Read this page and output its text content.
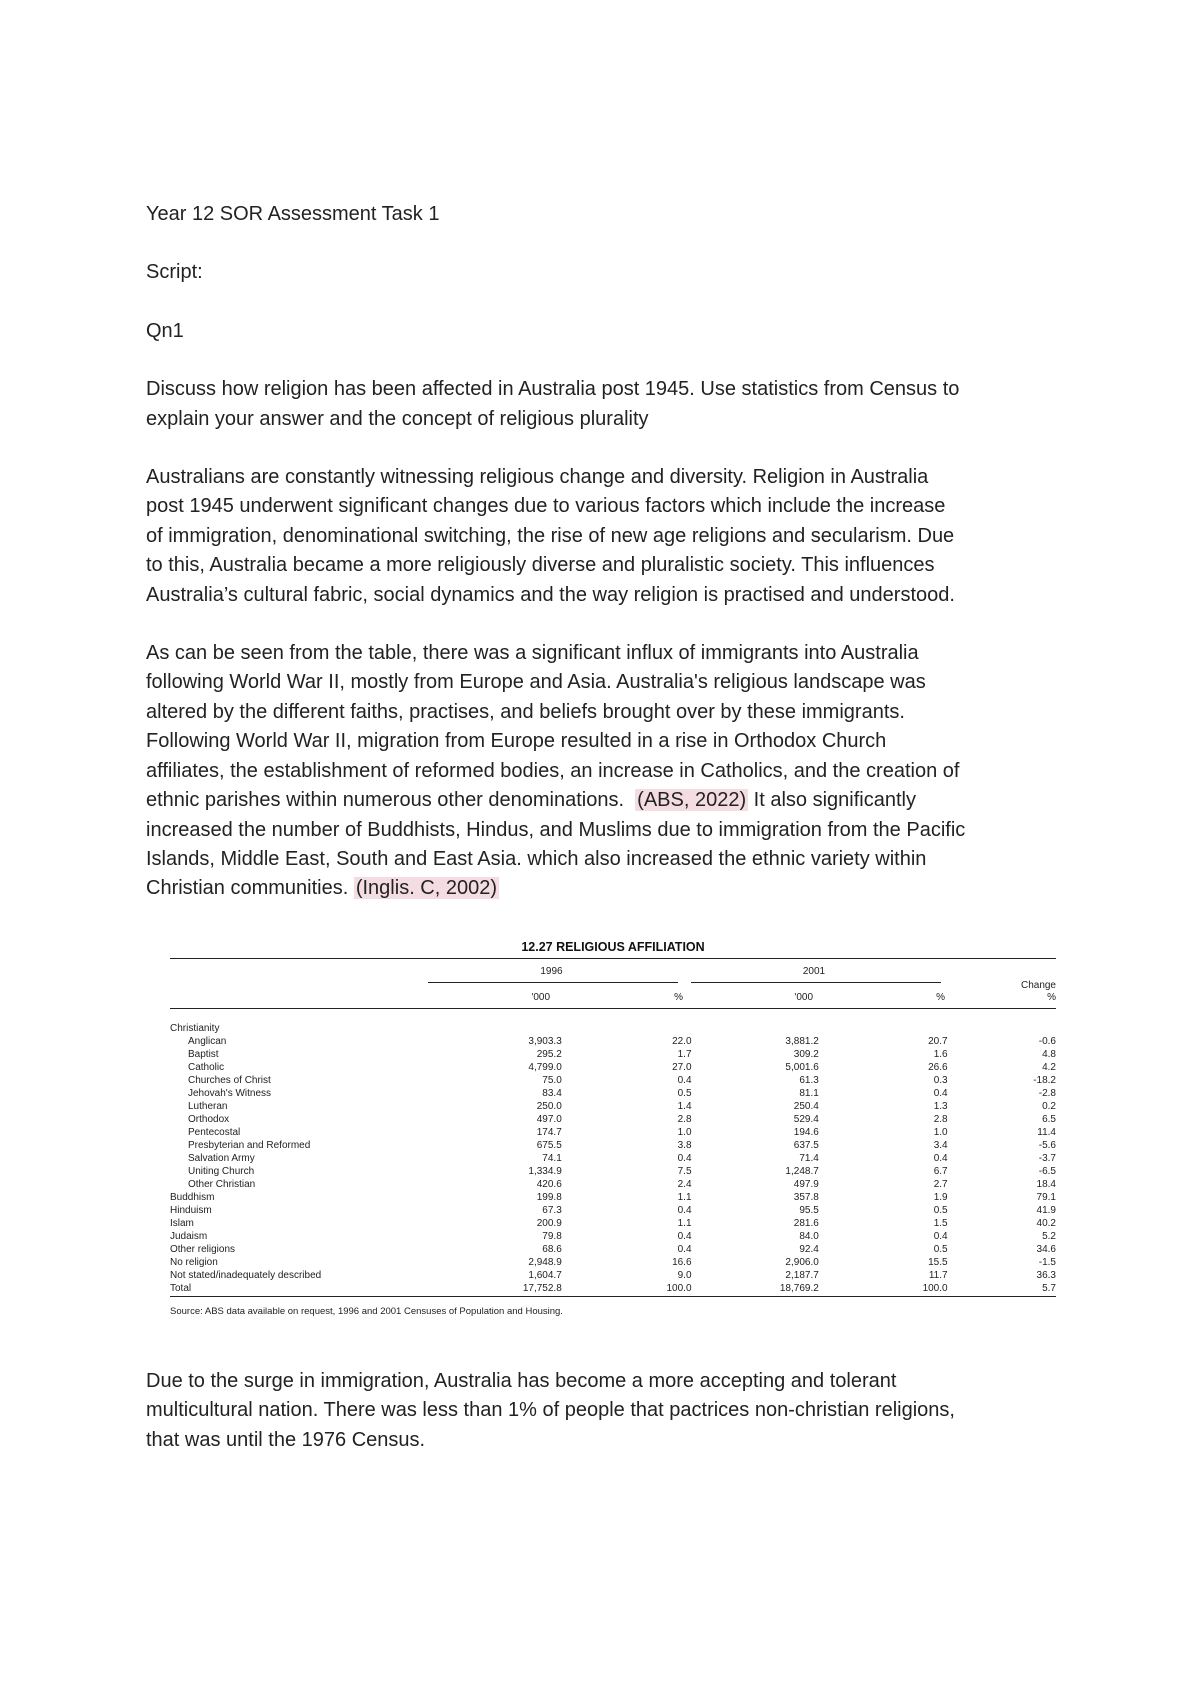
Year 12 SOR Assessment Task 1

Script:

Qn1

Discuss how religion has been affected in Australia post 1945. Use statistics from Census to

explain your answer and the concept of religious plurality

Australians are constantly witnessing religious change and diversity. Religion in Australia

post 1945 underwent significant changes due to various factors which include the increase

of immigration, denominational switching, the rise of new age religions and secularism. Due

to this, Australia became a more religiously diverse and pluralistic society. This influences

Australia’s cultural fabric, social dynamics and the way religion is practised and understood.

As can be seen from the table, there was a significant influx of immigrants into Australia

following World War II, mostly from Europe and Asia. Australia's religious landscape was

altered by the different faiths, practises, and beliefs brought over by these immigrants.

Following World War II, migration from Europe resulted in a rise in Orthodox Church

affiliates, the establishment of reformed bodies, an increase in Catholics, and the creation of

ethnic parishes within numerous other denominations.  (ABS, 2022) It also significantly

increased the number of Buddhists, Hindus, and Muslims due to immigration from the Pacific

Islands, Middle East, South and East Asia. which also increased the ethnic variety within

Christian communities. (Inglis. C, 2002)

12.27 RELIGIOUS AFFILIATION
1996	2001
'000	%	'000	%
Change
%
Christianity					
Anglican	3,903.3	22.0	3,881.2	20.7	-0.6
Baptist	295.2	1.7	309.2	1.6	4.8
Catholic	4,799.0	27.0	5,001.6	26.6	4.2
Churches of Christ	75.0	0.4	61.3	0.3	-18.2
Jehovah's Witness	83.4	0.5	81.1	0.4	-2.8
Lutheran	250.0	1.4	250.4	1.3	0.2
Orthodox	497.0	2.8	529.4	2.8	6.5
Pentecostal	174.7	1.0	194.6	1.0	11.4
Presbyterian and Reformed	675.5	3.8	637.5	3.4	-5.6
Salvation Army	74.1	0.4	71.4	0.4	-3.7
Uniting Church	1,334.9	7.5	1,248.7	6.7	-6.5
Other Christian	420.6	2.4	497.9	2.7	18.4
Buddhism	199.8	1.1	357.8	1.9	79.1
Hinduism	67.3	0.4	95.5	0.5	41.9
Islam	200.9	1.1	281.6	1.5	40.2
Judaism	79.8	0.4	84.0	0.4	5.2
Other religions	68.6	0.4	92.4	0.5	34.6
No religion	2,948.9	16.6	2,906.0	15.5	-1.5
Not stated/inadequately described	1,604.7	9.0	2,187.7	11.7	36.3
Total	17,752.8	100.0	18,769.2	100.0	5.7
Source: ABS data available on request, 1996 and 2001 Censuses of Population and Housing.

Due to the surge in immigration, Australia has become a more accepting and tolerant

multicultural nation. There was less than 1% of people that pactrices non-christian religions,

that was until the 1976 Census.
